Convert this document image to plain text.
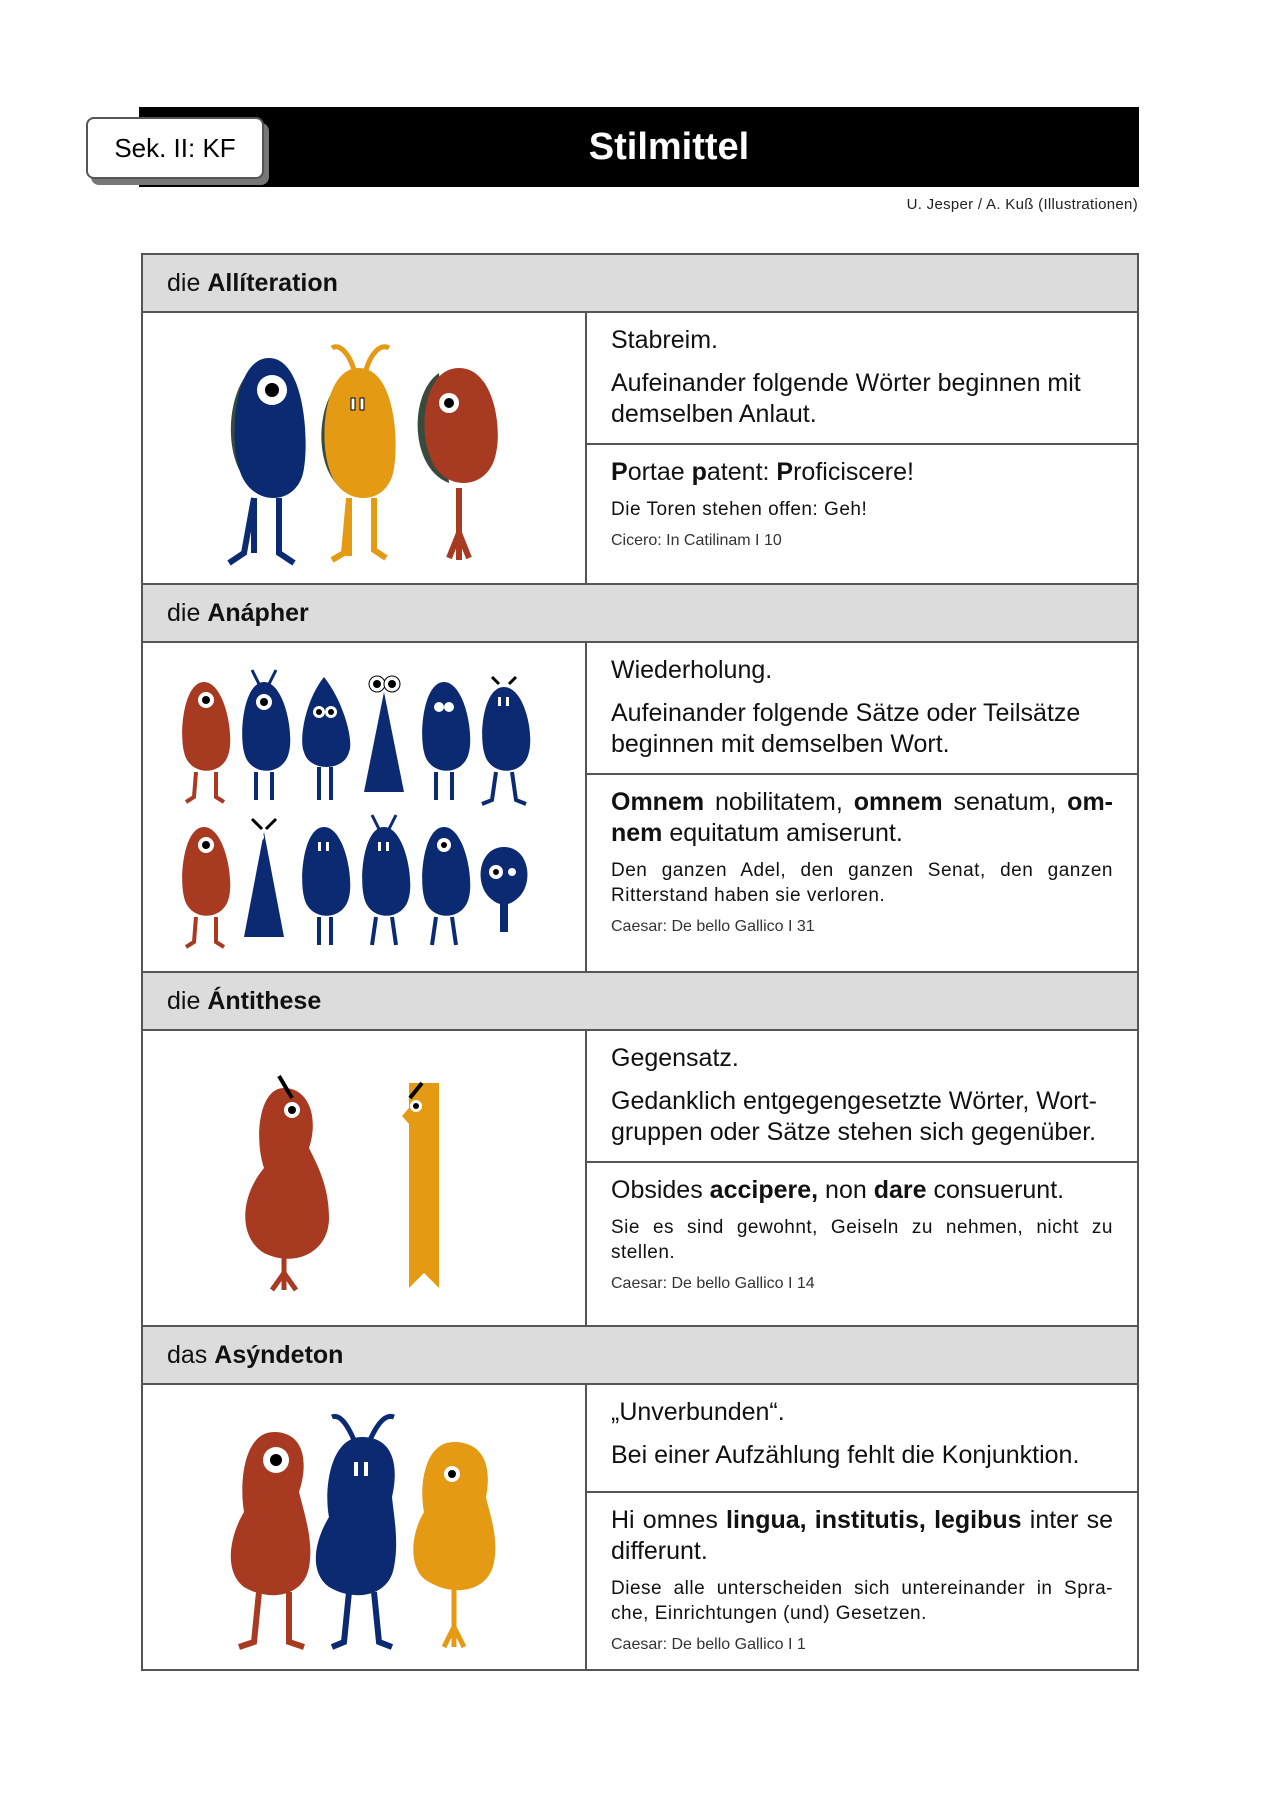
Stilmittel
Sek. II: KF
U. Jesper / A. Kuß (Illustrationen)
die
Allíteration

Stabreim.

Aufeinander folgende Wörter beginnen mit demselben Anlaut.

Portae patent: Proficiscere!
Die Toren stehen offen: Geh!
Cicero: In Catilinam I 10
die
Anápher

Wiederholung.

Aufeinander folgende Sätze oder Teilsätze beginnen mit demselben Wort.

Omnem nobilitatem, omnem senatum, om-nem equitatum amiserunt.
Den ganzen Adel, den ganzen Senat, den ganzen Ritterstand haben sie verloren.
Caesar: De bello Gallico I 31
die
Ántithese

Gegensatz.

Gedanklich entgegengesetzte Wörter, Wort-gruppen oder Sätze stehen sich gegenüber.

Obsides accipere, non dare consuerunt.
Sie es sind gewohnt, Geiseln zu nehmen, nicht zu stellen.
Caesar: De bello Gallico I 14
das
Asýndeton

„Unverbunden“.

Bei einer Aufzählung fehlt die Konjunktion.

Hi omnes lingua, institutis, legibus inter se differunt.
Diese alle unterscheiden sich untereinander in Spra-che, Einrichtungen (und) Gesetzen.
Caesar: De bello Gallico I 1
